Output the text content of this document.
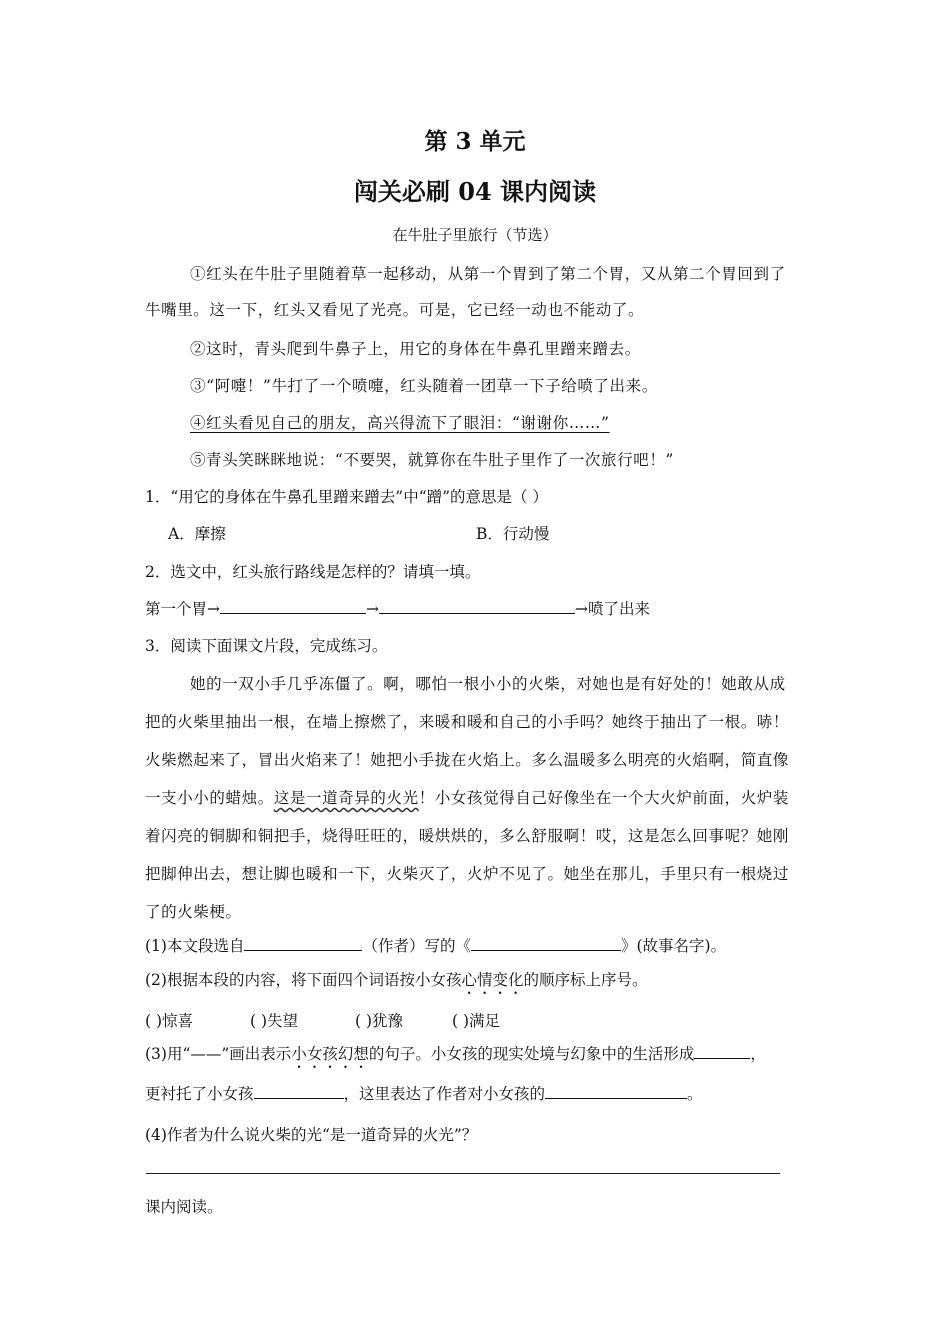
第 3 单元
闯关必刷 04 课内阅读
在牛肚子里旅行（节选）
①红头在牛肚子里随着草一起移动，从第一个胃到了第二个胃，又从第二个胃回到了
牛嘴里。这一下，红头又看见了光亮。可是，它已经一动也不能动了。
②这时，青头爬到牛鼻子上，用它的身体在牛鼻孔里蹭来蹭去。
③“阿嚏！”牛打了一个喷嚏，红头随着一团草一下子给喷了出来。
④红头看见自己的朋友，高兴得流下了眼泪：“谢谢你……”
⑤青头笑眯眯地说：“不要哭，就算你在牛肚子里作了一次旅行吧！”
1．“用它的身体在牛鼻孔里蹭来蹭去”中“蹭”的意思是（ ）
A．摩擦	B．行动慢
2．选文中，红头旅行路线是怎样的？请填一填。
第一个胃→	→	→喷了出来
3．阅读下面课文片段，完成练习。
她的一双小手几乎冻僵了。啊，哪怕一根小小的火柴，对她也是有好处的！她敢从成
把的火柴里抽出一根，在墙上擦燃了，来暖和暖和自己的小手吗？她终于抽出了一根。哧！
火柴燃起来了，冒出火焰来了！她把小手拢在火焰上。多么温暖多么明亮的火焰啊，简直像
一支小小的蜡烛。这是一道奇异的火光！小女孩觉得自己好像坐在一个大火炉前面，火炉装
着闪亮的铜脚和铜把手，烧得旺旺的，暖烘烘的，多么舒服啊！哎，这是怎么回事呢？她刚
把脚伸出去，想让脚也暖和一下，火柴灭了，火炉不见了。她坐在那儿，手里只有一根烧过
了的火柴梗。
(1)本文段选自	（作者）写的《	》(故事名字)。
(2)根据本段的内容，将下面四个词语按小女孩心情变化的顺序标上序号。
( )惊喜	( )失望	( )犹豫	( )满足
(3)用“——”画出表示小女孩幻想的句子。小女孩的现实处境与幻象中的生活形成	，
更衬托了小女孩	，这里表达了作者对小女孩的	。
(4)作者为什么说火柴的光“是一道奇异的火光”？
课内阅读。
